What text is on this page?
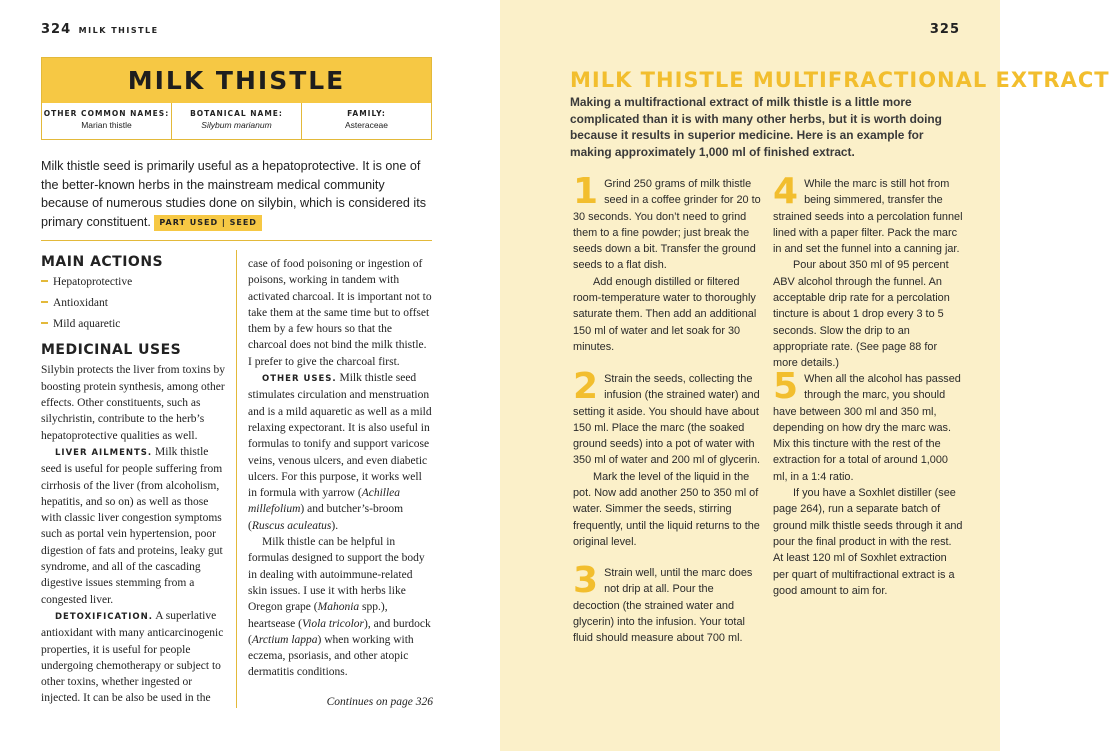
324 MILK THISTLE
MILK THISTLE
OTHER COMMON NAMES:
Marian thistle
BOTANICAL NAME:
Silybum marianum
FAMILY:
Asteraceae
Milk thistle seed is primarily useful as a hepatoprotective. It is one of the better-known herbs in the mainstream medical community because of numerous studies done on silybin, which is considered its primary constituent. PART USED | SEED
MAIN ACTIONS
Hepatoprotective
Antioxidant
Mild aquaretic
MEDICINAL USES

Silybin protects the liver from toxins by boosting protein synthesis, among other effects. Other constituents, such as silychristin, contribute to the herb’s hepatoprotective qualities as well.

LIVER AILMENTS. Milk thistle seed is useful for people suffering from cirrhosis of the liver (from alcoholism, hepatitis, and so on) as well as those with classic liver congestion symptoms such as portal vein hypertension, poor digestion of fats and proteins, leaky gut syndrome, and all of the cascading digestive issues stemming from a congested liver.

DETOXIFICATION. A superlative antioxidant with many anticarcinogenic properties, it is useful for people undergoing chemotherapy or subject to other toxins, whether ingested or injected. It can be also be used in the

case of food poisoning or ingestion of poisons, working in tandem with activated charcoal. It is important not to take them at the same time but to offset them by a few hours so that the charcoal does not bind the milk thistle. I prefer to give the charcoal first.

OTHER USES. Milk thistle seed stimulates circulation and menstruation and is a mild aquaretic as well as a mild relaxing expectorant. It is also useful in formulas to tonify and support varicose veins, venous ulcers, and even diabetic ulcers. For this purpose, it works well in formula with yarrow (Achillea millefolium) and butcher’s-broom (Ruscus aculeatus).

Milk thistle can be helpful in formulas designed to support the body in dealing with autoimmune-related skin issues. I use it with herbs like Oregon grape (Mahonia spp.), heartsease (Viola tricolor), and burdock (Arctium lappa) when working with eczema, psoriasis, and other atopic dermatitis conditions.

Continues on page 326
325
MILK THISTLE MULTIFRACTIONAL EXTRACT
Making a multifractional extract of milk thistle is a little more complicated than it is with many other herbs, but it is worth doing because it results in superior medicine. Here is an example for making approximately 1,000 ml of finished extract.
1 Grind 250 grams of milk thistle seed in a coffee grinder for 20 to 30 seconds. You don’t need to grind them to a fine powder; just break the seeds down a bit. Transfer the ground seeds to a flat dish.

Add enough distilled or filtered room-temperature water to thoroughly saturate them. Then add an additional 150 ml of water and let soak for 30 minutes.

2 Strain the seeds, collecting the infusion (the strained water) and setting it aside. You should have about 150 ml. Place the marc (the soaked ground seeds) into a pot of water with 350 ml of water and 200 ml of glycerin.

Mark the level of the liquid in the pot. Now add another 250 to 350 ml of water. Simmer the seeds, stirring frequently, until the liquid returns to the original level.

3 Strain well, until the marc does not drip at all. Pour the decoction (the strained water and glycerin) into the infusion. Your total fluid should measure about 700 ml.

4 While the marc is still hot from being simmered, transfer the strained seeds into a percolation funnel lined with a paper filter. Pack the marc in and set the funnel into a canning jar.

Pour about 350 ml of 95 percent ABV alcohol through the funnel. An acceptable drip rate for a percolation tincture is about 1 drop every 3 to 5 seconds. Slow the drip to an appropriate rate. (See page 88 for more details.)

5 When all the alcohol has passed through the marc, you should have between 300 ml and 350 ml, depending on how dry the marc was. Mix this tincture with the rest of the extraction for a total of around 1,000 ml, in a 1:4 ratio.

If you have a Soxhlet distiller (see page 264), run a separate batch of ground milk thistle seeds through it and pour the final product in with the rest. At least 120 ml of Soxhlet extraction per quart of multifractional extract is a good amount to aim for.
